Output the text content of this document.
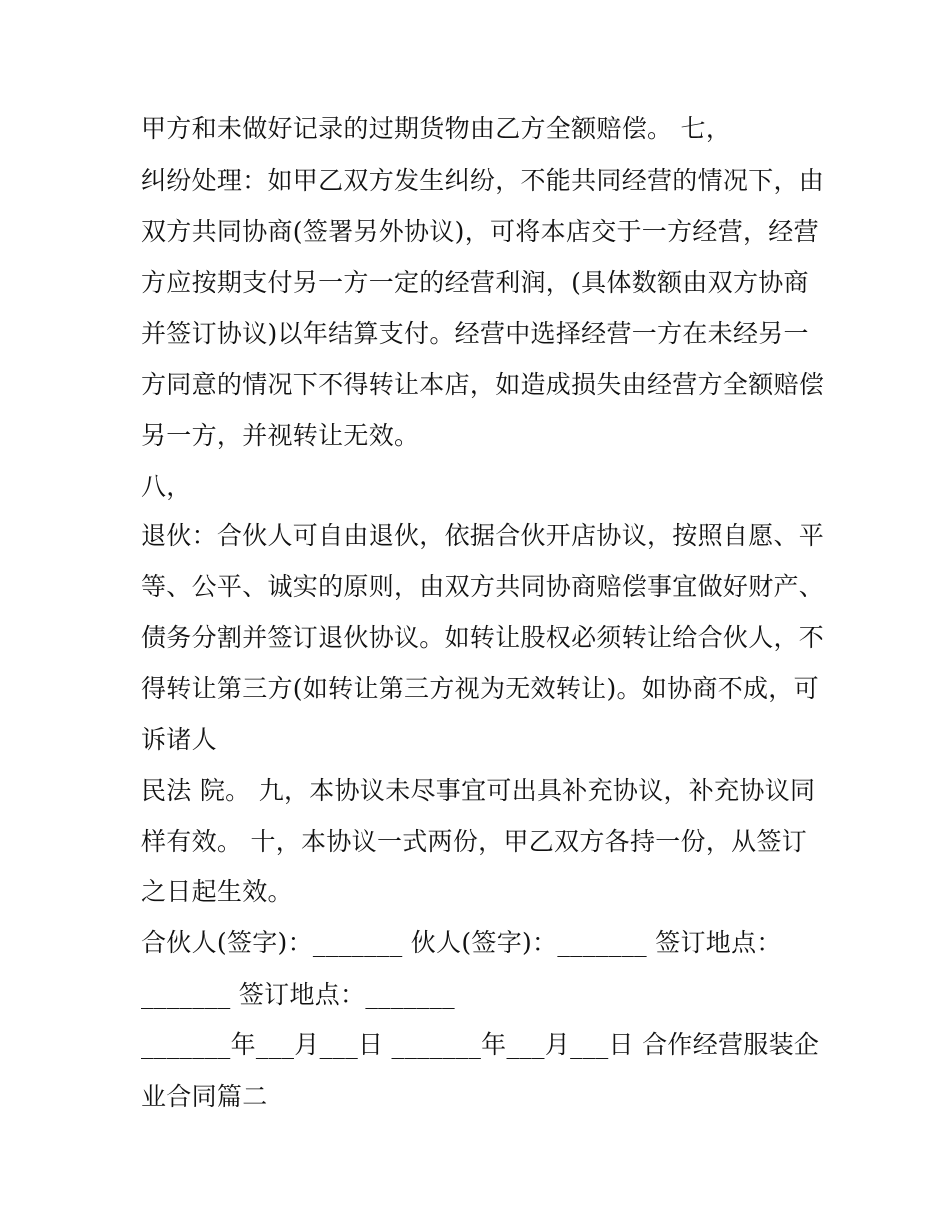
甲方和未做好记录的过期货物由乙方全额赔偿。 七，
纠纷处理：如甲乙双方发生纠纷，不能共同经营的情况下，由
双方共同协商(签署另外协议)，可将本店交于一方经营，经营
方应按期支付另一方一定的经营利润，(具体数额由双方协商
并签订协议)以年结算支付。经营中选择经营一方在未经另一
方同意的情况下不得转让本店，如造成损失由经营方全额赔偿
另一方，并视转让无效。
八，
退伙：合伙人可自由退伙，依据合伙开店协议，按照自愿、平
等、公平、诚实的原则，由双方共同协商赔偿事宜做好财产、
债务分割并签订退伙协议。如转让股权必须转让给合伙人，不
得转让第三方(如转让第三方视为无效转让)。如协商不成，可
诉诸人
民法 院。 九，本协议未尽事宜可出具补充协议，补充协议同
样有效。 十，本协议一式两份，甲乙双方各持一份，从签订
之日起生效。
合伙人(签字)：_______ 伙人(签字)：_______ 签订地点：
_______ 签订地点：_______
_______年___月___日 _______年___月___日 合作经营服装企
业合同篇二
